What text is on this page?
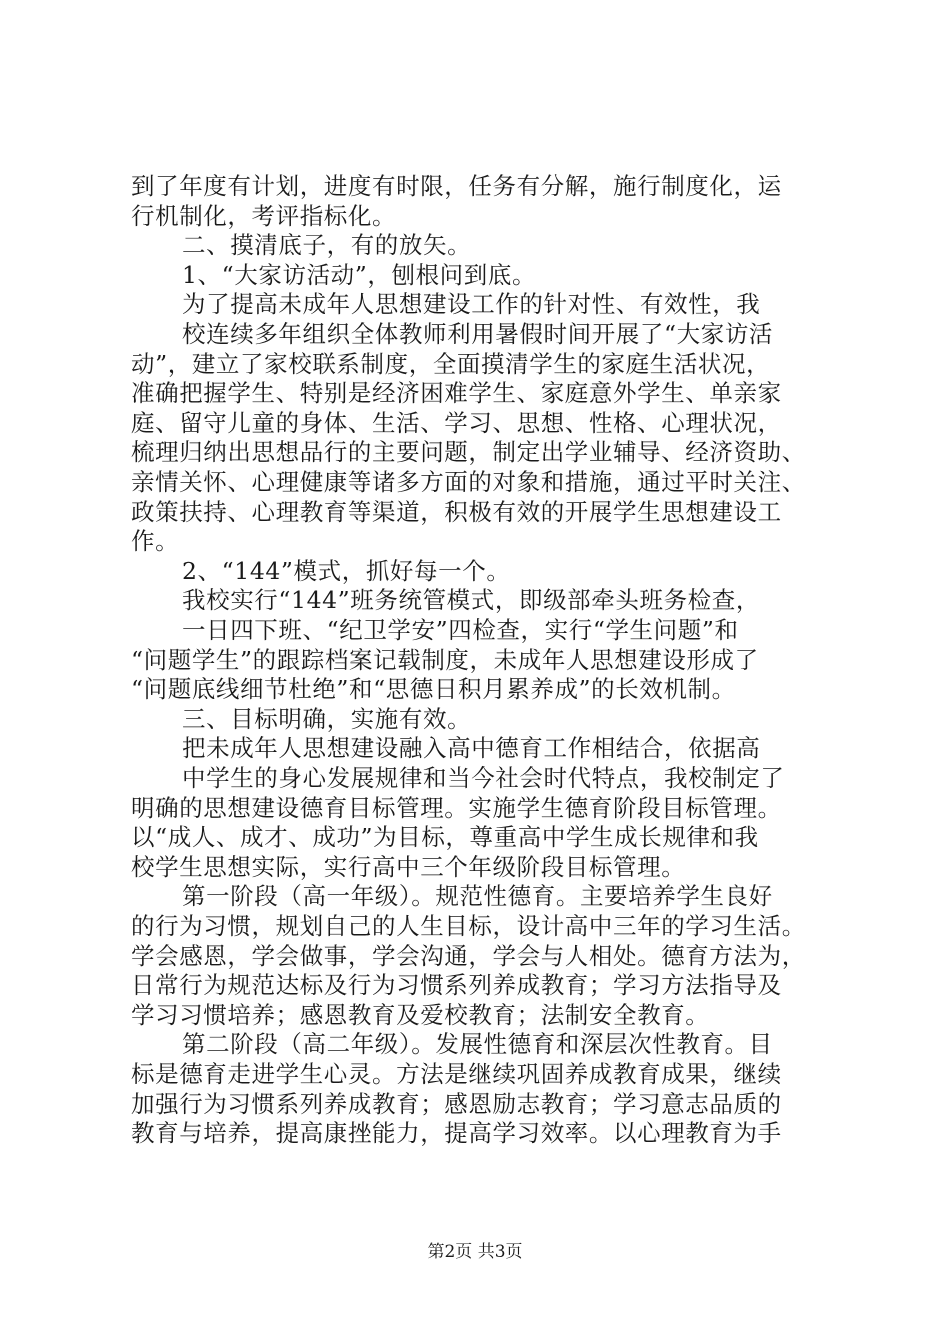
到了年度有计划，进度有时限，任务有分解，施行制度化，运
行机制化，考评指标化。
二、摸清底子，有的放矢。
1、“大家访活动”，刨根问到底。
为了提高未成年人思想建设工作的针对性、有效性，我
校连续多年组织全体教师利用暑假时间开展了“大家访活
动”，建立了家校联系制度，全面摸清学生的家庭生活状况，
准确把握学生、特别是经济困难学生、家庭意外学生、单亲家
庭、留守儿童的身体、生活、学习、思想、性格、心理状况，
梳理归纳出思想品行的主要问题，制定出学业辅导、经济资助、
亲情关怀、心理健康等诸多方面的对象和措施，通过平时关注、
政策扶持、心理教育等渠道，积极有效的开展学生思想建设工
作。
2、“144”模式，抓好每一个。
我校实行“144”班务统管模式，即级部牵头班务检查，
一日四下班、“纪卫学安”四检查，实行“学生问题”和
“问题学生”的跟踪档案记载制度，未成年人思想建设形成了
“问题底线细节杜绝”和“思德日积月累养成”的长效机制。
三、目标明确，实施有效。
把未成年人思想建设融入高中德育工作相结合，依据高
中学生的身心发展规律和当今社会时代特点，我校制定了
明确的思想建设德育目标管理。实施学生德育阶段目标管理。
以“成人、成才、成功”为目标，尊重高中学生成长规律和我
校学生思想实际，实行高中三个年级阶段目标管理。
第一阶段（高一年级）。规范性德育。主要培养学生良好
的行为习惯，规划自己的人生目标，设计高中三年的学习生活。
学会感恩，学会做事，学会沟通，学会与人相处。德育方法为，
日常行为规范达标及行为习惯系列养成教育；学习方法指导及
学习习惯培养；感恩教育及爱校教育；法制安全教育。
第二阶段（高二年级）。发展性德育和深层次性教育。目
标是德育走进学生心灵。方法是继续巩固养成教育成果，继续
加强行为习惯系列养成教育；感恩励志教育；学习意志品质的
教育与培养，提高康挫能力，提高学习效率。以心理教育为手
第2页 共3页
